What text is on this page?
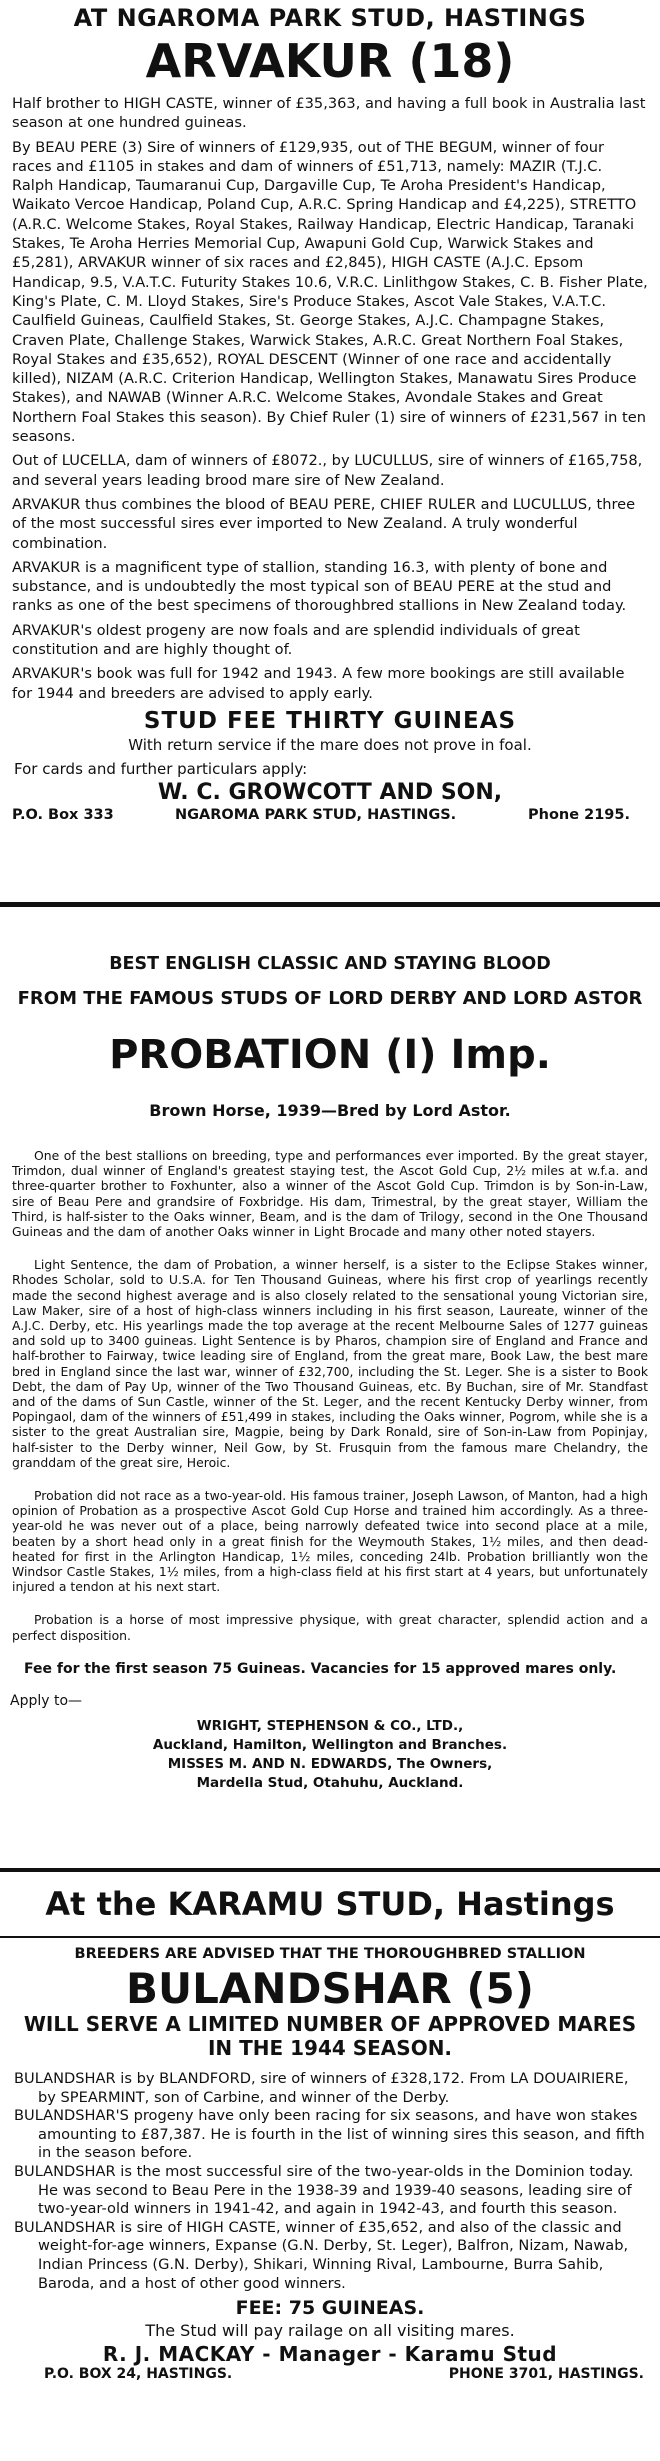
AT NGAROMA PARK STUD, HASTINGS
ARVAKUR (18)

Half brother to HIGH CASTE, winner of £35,363, and having a full book in Australia last season at one hundred guineas.

By BEAU PERE (3) Sire of winners of £129,935, out of THE BEGUM, winner of four races and £1105 in stakes and dam of winners of £51,713, namely: MAZIR (T.J.C. Ralph Handicap, Taumaranui Cup, Dargaville Cup, Te Aroha President's Handicap, Waikato Vercoe Handicap, Poland Cup, A.R.C. Spring Handicap and £4,225), STRETTO (A.R.C. Welcome Stakes, Royal Stakes, Railway Handicap, Electric Handicap, Taranaki Stakes, Te Aroha Herries Memorial Cup, Awapuni Gold Cup, Warwick Stakes and £5,281), ARVAKUR winner of six races and £2,845), HIGH CASTE (A.J.C. Epsom Handicap, 9.5, V.A.T.C. Futurity Stakes 10.6, V.R.C. Linlithgow Stakes, C. B. Fisher Plate, King's Plate, C. M. Lloyd Stakes, Sire's Produce Stakes, Ascot Vale Stakes, V.A.T.C. Caulfield Guineas, Caulfield Stakes, St. George Stakes, A.J.C. Champagne Stakes, Craven Plate, Challenge Stakes, Warwick Stakes, A.R.C. Great Northern Foal Stakes, Royal Stakes and £35,652), ROYAL DESCENT (Winner of one race and accidentally killed), NIZAM (A.R.C. Criterion Handicap, Wellington Stakes, Manawatu Sires Produce Stakes), and NAWAB (Winner A.R.C. Welcome Stakes, Avondale Stakes and Great Northern Foal Stakes this season). By Chief Ruler (1) sire of winners of £231,567 in ten seasons.

Out of LUCELLA, dam of winners of £8072., by LUCULLUS, sire of winners of £165,758, and several years leading brood mare sire of New Zealand.

ARVAKUR thus combines the blood of BEAU PERE, CHIEF RULER and LUCULLUS, three of the most successful sires ever imported to New Zealand. A truly wonderful combination.

ARVAKUR is a magnificent type of stallion, standing 16.3, with plenty of bone and substance, and is undoubtedly the most typical son of BEAU PERE at the stud and ranks as one of the best specimens of thoroughbred stallions in New Zealand today.

ARVAKUR's oldest progeny are now foals and are splendid individuals of great constitution and are highly thought of.

ARVAKUR's book was full for 1942 and 1943. A few more bookings are still available for 1944 and breeders are advised to apply early.

STUD FEE THIRTY GUINEAS
With return service if the mare does not prove in foal.
For cards and further particulars apply:
W. C. GROWCOTT AND SON,
P.O. Box 333	NGAROMA PARK STUD, HASTINGS.	Phone 2195.
BEST ENGLISH CLASSIC AND STAYING BLOOD
FROM THE FAMOUS STUDS OF LORD DERBY AND LORD ASTOR
PROBATION (I) Imp.
Brown Horse, 1939—Bred by Lord Astor.

One of the best stallions on breeding, type and performances ever imported. By the great stayer, Trimdon, dual winner of England's greatest staying test, the Ascot Gold Cup, 2½ miles at w.f.a. and three-quarter brother to Foxhunter, also a winner of the Ascot Gold Cup. Trimdon is by Son-in-Law, sire of Beau Pere and grandsire of Foxbridge. His dam, Trimestral, by the great stayer, William the Third, is half-sister to the Oaks winner, Beam, and is the dam of Trilogy, second in the One Thousand Guineas and the dam of another Oaks winner in Light Brocade and many other noted stayers.

Light Sentence, the dam of Probation, a winner herself, is a sister to the Eclipse Stakes winner, Rhodes Scholar, sold to U.S.A. for Ten Thousand Guineas, where his first crop of yearlings recently made the second highest average and is also closely related to the sensational young Victorian sire, Law Maker, sire of a host of high-class winners including in his first season, Laureate, winner of the A.J.C. Derby, etc. His yearlings made the top average at the recent Melbourne Sales of 1277 guineas and sold up to 3400 guineas. Light Sentence is by Pharos, champion sire of England and France and half-brother to Fairway, twice leading sire of England, from the great mare, Book Law, the best mare bred in England since the last war, winner of £32,700, including the St. Leger. She is a sister to Book Debt, the dam of Pay Up, winner of the Two Thousand Guineas, etc. By Buchan, sire of Mr. Standfast and of the dams of Sun Castle, winner of the St. Leger, and the recent Kentucky Derby winner, from Popingaol, dam of the winners of £51,499 in stakes, including the Oaks winner, Pogrom, while she is a sister to the great Australian sire, Magpie, being by Dark Ronald, sire of Son-in-Law from Popinjay, half-sister to the Derby winner, Neil Gow, by St. Frusquin from the famous mare Chelandry, the granddam of the great sire, Heroic.

Probation did not race as a two-year-old. His famous trainer, Joseph Lawson, of Manton, had a high opinion of Probation as a prospective Ascot Gold Cup Horse and trained him accordingly. As a three-year-old he was never out of a place, being narrowly defeated twice into second place at a mile, beaten by a short head only in a great finish for the Weymouth Stakes, 1½ miles, and then dead-heated for first in the Arlington Handicap, 1½ miles, conceding 24lb. Probation brilliantly won the Windsor Castle Stakes, 1½ miles, from a high-class field at his first start at 4 years, but unfortunately injured a tendon at his next start.

Probation is a horse of most impressive physique, with great character, splendid action and a perfect disposition.

Fee for the first season 75 Guineas. Vacancies for 15 approved mares only.
Apply to—
WRIGHT, STEPHENSON & CO., LTD.,
Auckland, Hamilton, Wellington and Branches.
MISSES M. AND N. EDWARDS, The Owners,
Mardella Stud, Otahuhu, Auckland.
At the KARAMU STUD, Hastings
BREEDERS ARE ADVISED THAT THE THOROUGHBRED STALLION
BULANDSHAR (5)
WILL SERVE A LIMITED NUMBER OF APPROVED MARES
IN THE 1944 SEASON.

BULANDSHAR is by BLANDFORD, sire of winners of £328,172. From LA DOUAIRIERE, by SPEARMINT, son of Carbine, and winner of the Derby.

BULANDSHAR'S progeny have only been racing for six seasons, and have won stakes amounting to £87,387. He is fourth in the list of winning sires this season, and fifth in the season before.

BULANDSHAR is the most successful sire of the two-year-olds in the Dominion today. He was second to Beau Pere in the 1938-39 and 1939-40 seasons, leading sire of two-year-old winners in 1941-42, and again in 1942-43, and fourth this season.

BULANDSHAR is sire of HIGH CASTE, winner of £35,652, and also of the classic and weight-for-age winners, Expanse (G.N. Derby, St. Leger), Balfron, Nizam, Nawab, Indian Princess (G.N. Derby), Shikari, Winning Rival, Lambourne, Burra Sahib, Baroda, and a host of other good winners.

FEE: 75 GUINEAS.
The Stud will pay railage on all visiting mares.
R. J. MACKAY - Manager - Karamu Stud
P.O. BOX 24, HASTINGS.	PHONE 3701, HASTINGS.
